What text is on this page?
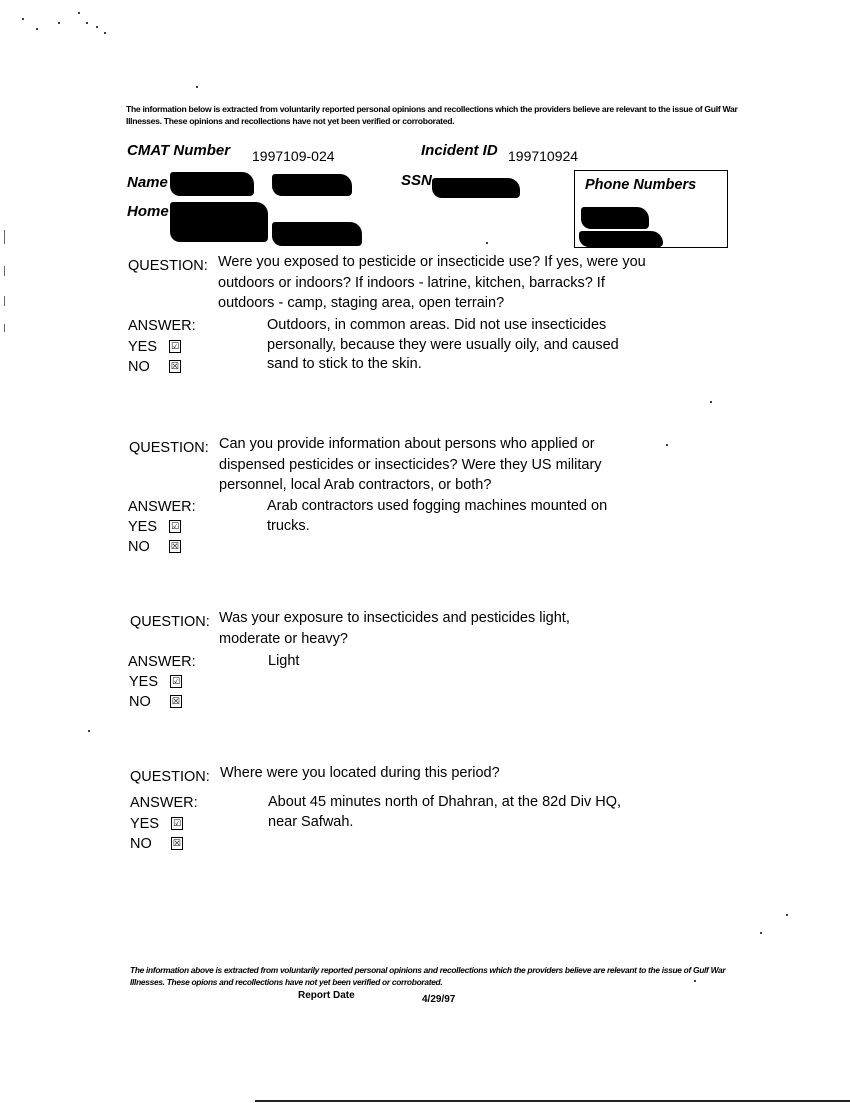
The information below is extracted from voluntarily reported personal opinions and recollections which the providers believe are relevant to the issue of Gulf War Illnesses. These opinions and recollections have not yet been verified or corroborated.
CMAT Number 1997109-024	Incident ID 199710924
Name	SSN
Home
Phone Numbers
QUESTION: Were you exposed to pesticide or insecticide use? If yes, were you outdoors or indoors? If indoors - latrine, kitchen, barracks? If outdoors - camp, staging area, open terrain?
ANSWER:
YES ☑
NO ☒
Outdoors, in common areas. Did not use insecticides personally, because they were usually oily, and caused sand to stick to the skin.
QUESTION: Can you provide information about persons who applied or dispensed pesticides or insecticides? Were they US military personnel, local Arab contractors, or both?
ANSWER:
YES ☑
NO ☒
Arab contractors used fogging machines mounted on trucks.
QUESTION: Was your exposure to insecticides and pesticides light, moderate or heavy?
ANSWER:
YES ☑
NO ☒
Light
QUESTION: Where were you located during this period?
ANSWER:
YES ☑
NO ☒
About 45 minutes north of Dhahran, at the 82d Div HQ, near Safwah.
The information above is extracted from voluntarily reported personal opinions and recollections which the providers believe are relevant to the issue of Gulf War Illnesses. These opions and recollections have not yet been verified or corroborated.
Report Date	4/29/97
